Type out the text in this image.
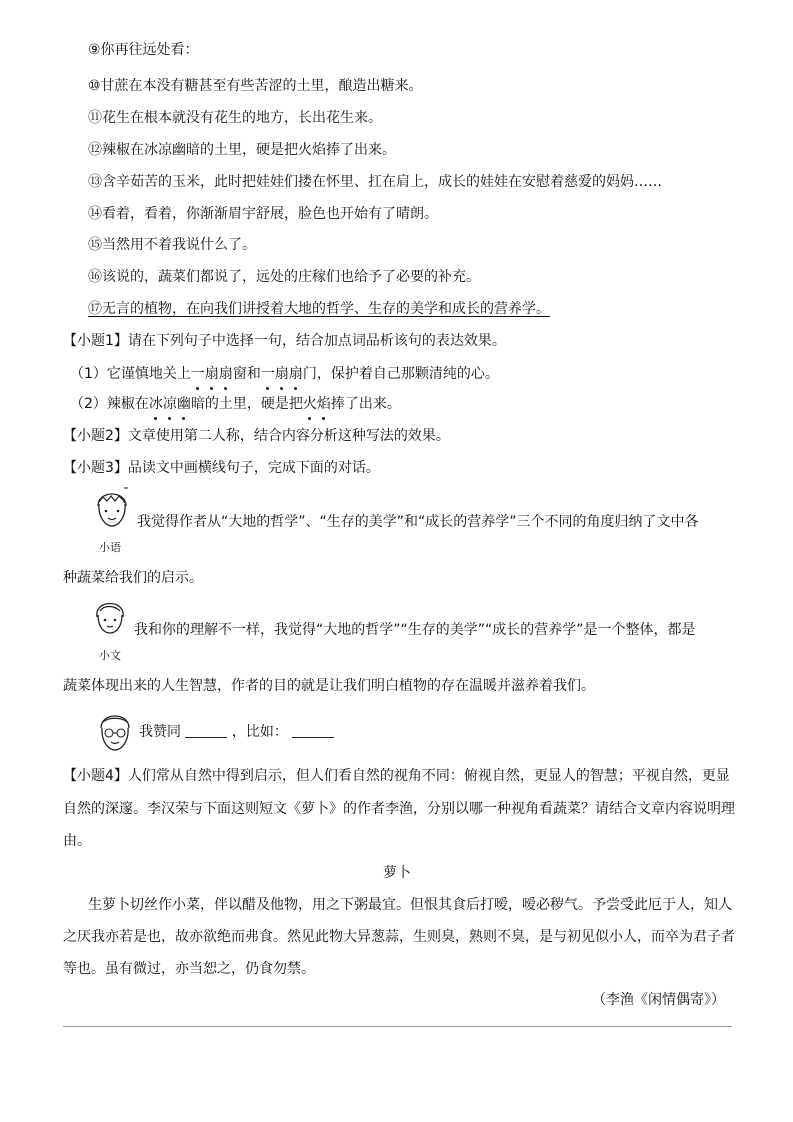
⑨你再往远处看：
⑩甘蔗在本没有糖甚至有些苦涩的土里，酿造出糖来。
⑪花生在根本就没有花生的地方，长出花生来。
⑫辣椒在冰凉幽暗的土里，硬是把火焰捧了出来。
⑬含辛茹苦的玉米，此时把娃娃们搂在怀里、扛在肩上，成长的娃娃在安慰着慈爱的妈妈……
⑭看着，看着，你渐渐眉宇舒展，脸色也开始有了晴朗。
⑮当然用不着我说什么了。
⑯该说的，蔬菜们都说了，远处的庄稼们也给予了必要的补充。
⑰无言的植物，在向我们讲授着大地的哲学、生存的美学和成长的营养学。
【小题1】请在下列句子中选择一句，结合加点词品析该句的表达效果。
（1）它谨慎地关上一扇扇窗和一扇扇门，保护着自己那颗清纯的心。
（2）辣椒在冰凉幽暗的土里，硬是把火焰捧了出来。
【小题2】文章使用第二人称，结合内容分析这种写法的效果。
【小题3】品读文中画横线句子，完成下面的对话。
小语
我觉得作者从“大地的哲学”、“生存的美学”和“成长的营养学”三个不同的角度归纳了文中各
种蔬菜给我们的启示。
小文
我和你的理解不一样，我觉得“大地的哲学”“生存的美学”“成长的营养学”是一个整体，都是
蔬菜体现出来的人生智慧，作者的目的就是让我们明白植物的存在温暖并滋养着我们。
我赞同	，比如：
【小题4】人们常从自然中得到启示，但人们看自然的视角不同：俯视自然，更显人的智慧；平视自然，更显
自然的深邃。李汉荣与下面这则短文《萝卜》的作者李渔，分别以哪一种视角看蔬菜？请结合文章内容说明理
由。
萝卜
生萝卜切丝作小菜，伴以醋及他物，用之下粥最宜。但恨其食后打嗳，嗳必秽气。予尝受此厄于人，知人
之厌我亦若是也，故亦欲绝而弗食。然见此物大异葱蒜，生则臭，熟则不臭，是与初见似小人，而卒为君子者
等也。虽有微过，亦当恕之，仍食勿禁。
（李渔《闲情偶寄》）
